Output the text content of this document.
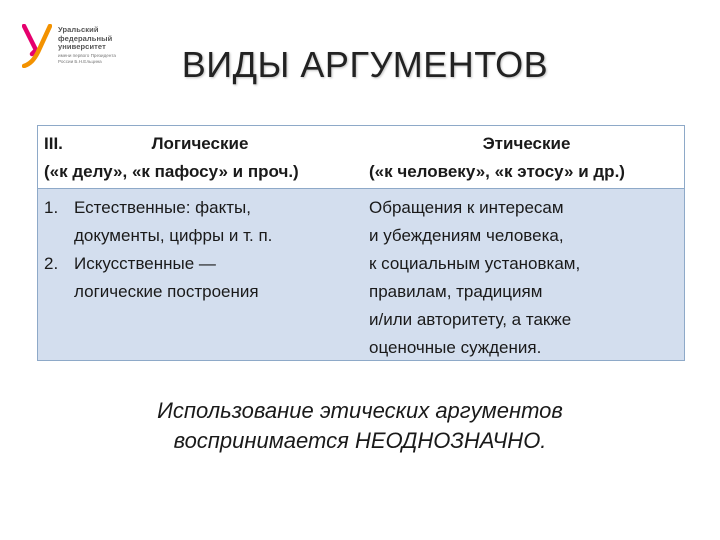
Уральский
федеральный
университет
имени первого Президента
России Б.Н.Ельцина	ВИДЫ АРГУМЕНТОВ
III.	Логические
(«к делу», «к пафосу» и проч.)
Этические
(«к человеку», «к этосу» и др.)
1. Естественные: факты,
документы, цифры и т. п.
2. Искусственные —
логические построения
Обращения к интересам
и убеждениям человека,
к социальным установкам,
правилам, традициям
и/или авторитету, а также
оценочные суждения.
Использование этических аргументов
воспринимается НЕОДНОЗНАЧНО.
